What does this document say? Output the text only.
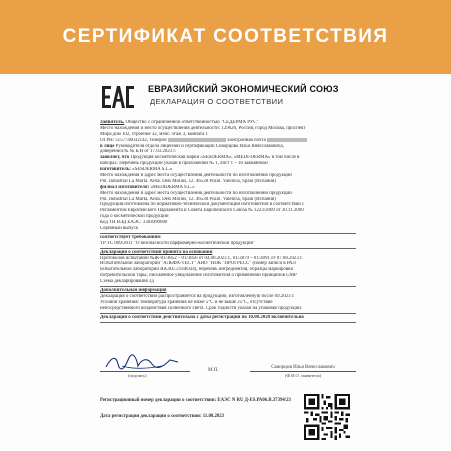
СЕРТИФИКАТ СООТВЕТСТВИЯ
ЕВРАЗИЙСКИЙ ЭКОНОМИЧЕСКИЙ СОЮЗ
ДЕКЛАРАЦИЯ О СООТВЕТСТВИИ
Заявитель, Общество с ограниченной ответственностью "СЕДЕРМА РУС"
Место нахождения и место осуществления деятельности: 129626, Россия, город Москва, проспект
Мира дом 102, строение 32, мэнс. этаж 3, комната 1
ОГРН: 5157746032142, телефон	электронная почта
в лице Руководителя отдела лицензии и сертификации Скворцова Ильи Вячеславовича,
доверенность № Б/Н от 17.03.2023 г.
заявляет, что Продукция косметическая марки «SESDERMA», «MEDI-DERMA» в том числе в
наборах. Перечень продукции указан в приложении № 1, лист 1 – 18 заявляемой
изготовитель: «SESDERMA S.L.»
Место нахождения и адрес места осуществления деятельности по изготовлению продукции
Pol. Industrial La Murta. Avda. Dels Molins, 12. 46530 Puzol. Valencia, Spain (Испания)
филиал изготовителя: «MEDIDERMA S.L.»
Место нахождения и адрес места осуществления деятельности по изготовлению продукции
Pol. Industrial La Murta. Avda. Dels Molins, 12. 46530 Puzol. Valencia, Spain (Испания)
Продукция изготовлена по нормативно-технической документации изготовителя в соответствии с
Регламентом Европейского Парламента и Совета Европейского Союза № 1223/2009 от 30.11.2009
года о косметической продукции
Код ТН ВЭД ЕАЭС: 3304990000
Серийный выпуск
соответствует требованиям
ТР ТС 009/2011 "О безопасности парфюмерно-косметической продукции"
Декларация о соответствии принята на основании
Протоколов испытаний №Ж-01/3852 – 01/3856 от 04.08.2023 г., 01/3879 – 01/3891 от 07.08.2023 г.
Испытательной лаборатории "АЛЬФА-ТЕСТ" АНО "НПК "ПРОГРЕСС" (номер записи в РАЛ
испытательной лаборатории RA.RU.21ПЮ34), перечень ингредиентов, образцы маркировки
потребительской тары, письменное уведомление изготовителя о применении принципов GMP
Схема декларирования 3д
Дополнительная информация
Декларация о соответствии распространяется на продукцию, изготовленную после 09.2023 г.
Условия хранения: температура хранения не ниже 5°С и не выше 25°С, отсутствие
непосредственного воздействия солнечного света. Срок годности указан на упаковке продукции.
Декларация о соответствии действительна с даты регистрации по 10.08.2028 включительно
(подпись)
М.П.
Скворцов Илья Вячеславович
(Ф.И.О. заявителя)
Регистрационный номер декларации о соответствии: ЕАЭС N RU Д-ES.РА06.В.37394/23
Дата регистрации декларации о соответствии: 11.08.2023
